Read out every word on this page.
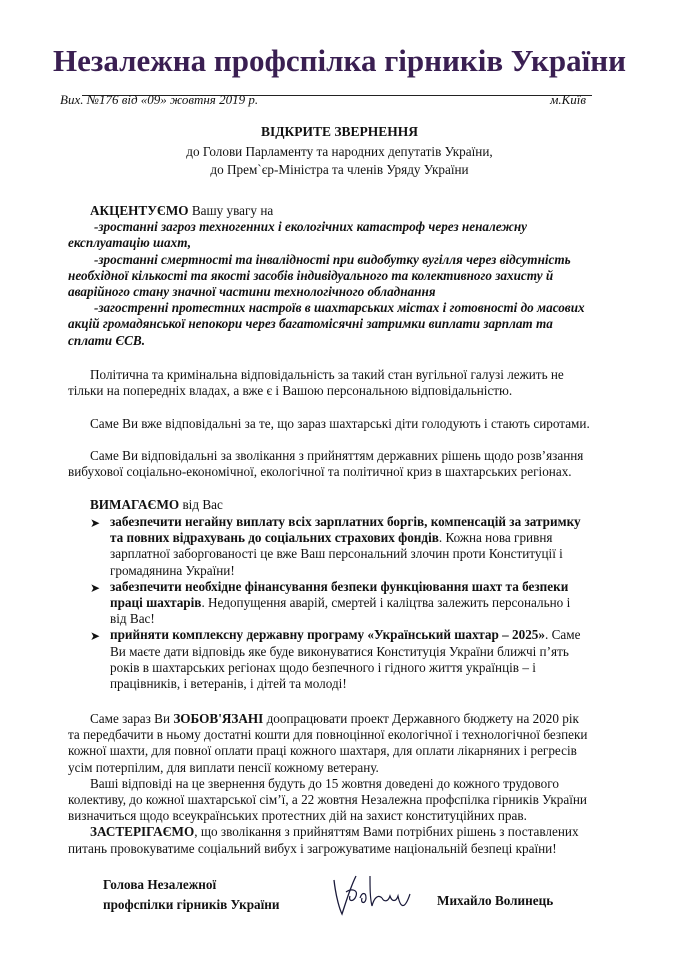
Незалежна профспілка гірників України
Вих. №176 від «09» жовтня 2019 р.	м.Київ
ВІДКРИТЕ ЗВЕРНЕННЯ
до Голови Парламенту та народних депутатів України,
до Прем`єр-Міністра та членів Уряду України
АКЦЕНТУЄМО Вашу увагу на
-зростанні загроз техногенних і екологічних катастроф через неналежну
експлуатацію шахт,
-зростанні смертності та інвалідності при видобутку вугілля через відсутність
необхідної кількості та якості засобів індивідуального та колективного захисту й
аварійного стану значної частини технологічного обладнання
-загостренні протестних настроїв в шахтарських містах і готовності до масових
акцій громадянської непокори через багатомісячні затримки виплати зарплат та
сплати ЄСВ.
Політична та кримінальна відповідальність за такий стан вугільної галузі лежить не
тільки на попередніх владах, а вже є і Вашою персональною відповідальністю.
Саме Ви вже відповідальні за те, що зараз шахтарські діти голодують і стають сиротами.
Саме Ви відповідальні за зволікання з прийняттям державних рішень щодо розв’язання
вибухової соціально-економічної, екологічної та політичної криз в шахтарських регіонах.
ВИМАГАЄМО від Вас
➤ забезпечити негайну виплату всіх зарплатних боргів, компенсацій за затримку
та повних відрахувань до соціальних страхових фондів. Кожна нова гривня
зарплатної заборгованості це вже Ваш персональний злочин проти Конституції і
громадянина України!
➤ забезпечити необхідне фінансування безпеки функціювання шахт та безпеки
праці шахтарів. Недопущення аварій, смертей і каліцтва залежить персонально і
від Вас!
➤ прийняти комплексну державну програму «Український шахтар – 2025». Саме
Ви маєте дати відповідь яке буде виконуватися Конституція України ближчі п’ять
років в шахтарських регіонах щодо безпечного і гідного життя українців – і
працівників, і ветеранів, і дітей та молоді!
Саме зараз Ви ЗОБОВ'ЯЗАНІ доопрацювати проект Державного бюджету на 2020 рік
та передбачити в ньому достатні кошти для повноцінної екологічної і технологічної безпеки
кожної шахти, для повної оплати праці кожного шахтаря, для оплати лікарняних і регресів
усім потерпілим, для виплати пенсії кожному ветерану.
Ваші відповіді на це звернення будуть до 15 жовтня доведені до кожного трудового
колективу, до кожної шахтарської сім’ї, а 22 жовтня Незалежна профспілка гірників України
визначиться щодо всеукраїнських протестних дій на захист конституційних прав.
ЗАСТЕРІГАЄМО, що зволікання з прийняттям Вами потрібних рішень з поставлених
питань провокуватиме соціальний вибух і загрожуватиме національній безпеці країни!
Голова Незалежної
профспілки гірників України	Михайло Волинець
